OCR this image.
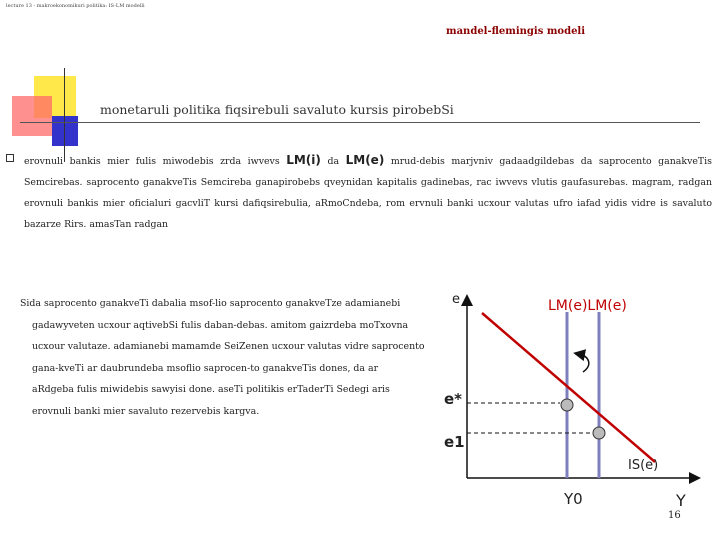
lecture 13 - makroekonomikuri politika: IS-LM modelli
mandel-flemingis modeli
monetaruli politika fiqsirebuli savaluto kursis pirobebSi
erovnuli bankis mier fulis miwodebis zrda iwvevs LM(i) da LM(e) mrud-debis marjvniv gadaadgildebas da saprocento ganakveTis Semcirebas. saprocento ganakveTis Semcireba ganapirobebs qveynidan kapitalis gadinebas, rac iwvevs vlutis gaufasurebas. magram, radgan erovnuli bankis mier oficialuri gacvliT kursi dafiqsirebulia, aRmoCndeba, rom ervnuli banki ucxour valutas ufro iafad yidis vidre is savaluto bazarze Rirs. amasTan radgan
Sida saprocento ganakveTi dabalia msof-lio saprocento ganakveTze adamianebi
gadawyveten ucxour aqtivebSi fulis daban-debas. amitom gaizrdeba moTxovna
ucxour valutaze. adamianebi mamamde SeiZenen ucxour valutas vidre saprocento
gana-kveTi ar daubrundeba msoflio saprocen-to ganakveTis dones, da ar
aRdgeba fulis miwidebis sawyisi done. aseTi politikis erTaderTi Sedegi aris
erovnuli banki mier savaluto rezervebis kargva.
e	LM(e)LM(e)
e*
e1
IS(e)
Y0	Y
16
